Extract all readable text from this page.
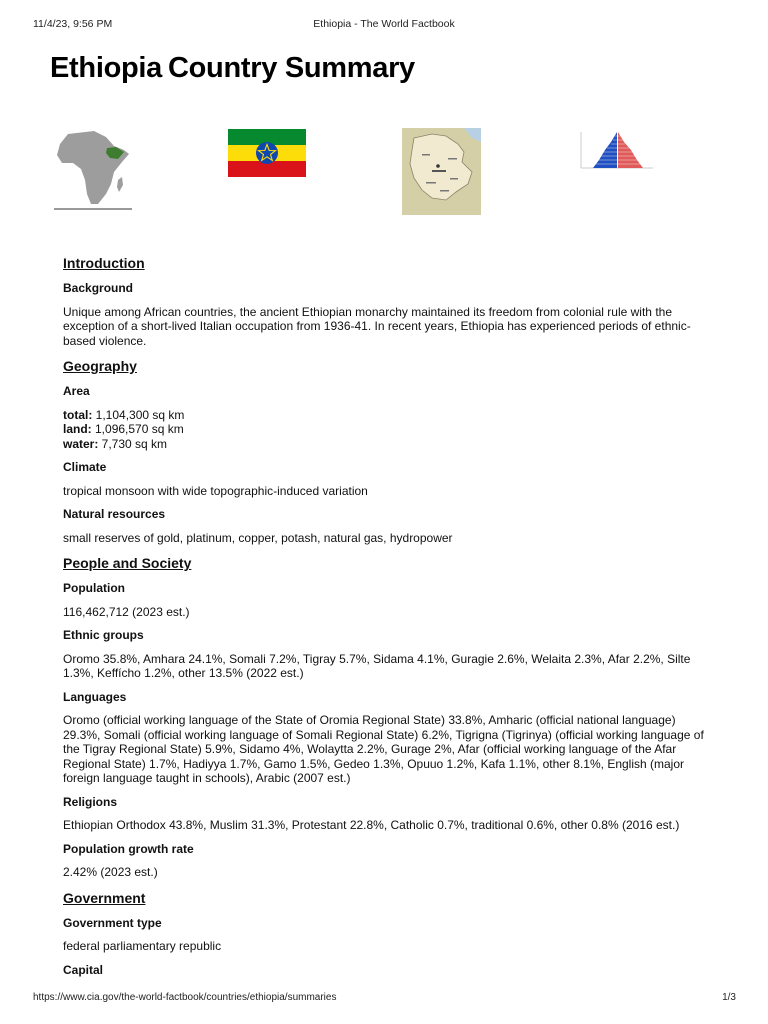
11/4/23, 9:56 PM	Ethiopia - The World Factbook
Ethiopia Country Summary
Introduction
Background

Unique among African countries, the ancient Ethiopian monarchy maintained its freedom from colonial rule with the exception of a short-lived Italian occupation from 1936-41. In recent years, Ethiopia has experienced periods of ethnic-based violence.

Geography
Area
total: 1,104,300 sq km
land: 1,096,570 sq km
water: 7,730 sq km
Climate

tropical monsoon with wide topographic-induced variation

Natural resources

small reserves of gold, platinum, copper, potash, natural gas, hydropower

People and Society
Population

116,462,712 (2023 est.)

Ethnic groups

Oromo 35.8%, Amhara 24.1%, Somali 7.2%, Tigray 5.7%, Sidama 4.1%, Guragie 2.6%, Welaita 2.3%, Afar 2.2%, Silte 1.3%, Keffícho 1.2%, other 13.5% (2022 est.)

Languages

Oromo (official working language of the State of Oromia Regional State) 33.8%, Amharic (official national language) 29.3%, Somali (official working language of Somali Regional State) 6.2%, Tigrigna (Tigrinya) (official working language of the Tigray Regional State) 5.9%, Sidamo 4%, Wolaytta 2.2%, Gurage 2%, Afar (official working language of the Afar Regional State) 1.7%, Hadiyya 1.7%, Gamo 1.5%, Gedeo 1.3%, Opuuo 1.2%, Kafa 1.1%, other 8.1%, English (major foreign language taught in schools), Arabic (2007 est.)

Religions

Ethiopian Orthodox 43.8%, Muslim 31.3%, Protestant 22.8%, Catholic 0.7%, traditional 0.6%, other 0.8% (2016 est.)

Population growth rate

2.42% (2023 est.)

Government
Government type

federal parliamentary republic

Capital
https://www.cia.gov/the-world-factbook/countries/ethiopia/summaries	1/3
